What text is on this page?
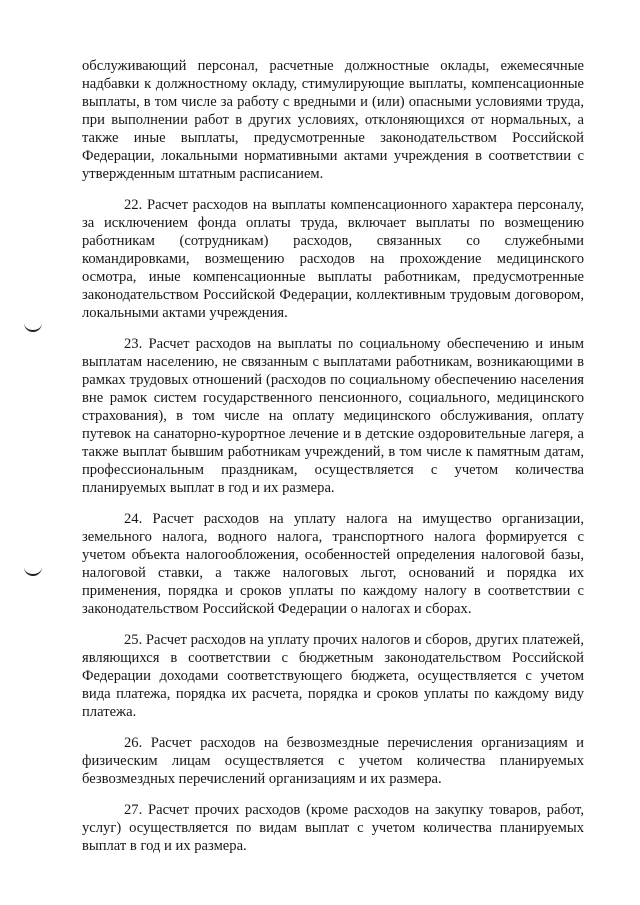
обслуживающий персонал, расчетные должностные оклады, ежемесячные надбавки к должностному окладу, стимулирующие выплаты, компенсационные выплаты, в том числе за работу с вредными и (или) опасными условиями труда, при выполнении работ в других условиях, отклоняющихся от нормальных, а также иные выплаты, предусмотренные законодательством Российской Федерации, локальными нормативными актами учреждения в соответствии с утвержденным штатным расписанием.

22. Расчет расходов на выплаты компенсационного характера персоналу, за исключением фонда оплаты труда, включает выплаты по возмещению работникам (сотрудникам) расходов, связанных со служебными командировками, возмещению расходов на прохождение медицинского осмотра, иные компенсационные выплаты работникам, предусмотренные законодательством Российской Федерации, коллективным трудовым договором, локальными актами учреждения.

23. Расчет расходов на выплаты по социальному обеспечению и иным выплатам населению, не связанным с выплатами работникам, возникающими в рамках трудовых отношений (расходов по социальному обеспечению населения вне рамок систем государственного пенсионного, социального, медицинского страхования), в том числе на оплату медицинского обслуживания, оплату путевок на санаторно-курортное лечение и в детские оздоровительные лагеря, а также выплат бывшим работникам учреждений, в том числе к памятным датам, профессиональным праздникам, осуществляется с учетом количества планируемых выплат в год и их размера.

24. Расчет расходов на уплату налога на имущество организации, земельного налога, водного налога, транспортного налога формируется с учетом объекта налогообложения, особенностей определения налоговой базы, налоговой ставки, а также налоговых льгот, оснований и порядка их применения, порядка и сроков уплаты по каждому налогу в соответствии с законодательством Российской Федерации о налогах и сборах.

25. Расчет расходов на уплату прочих налогов и сборов, других платежей, являющихся в соответствии с бюджетным законодательством Российской Федерации доходами соответствующего бюджета, осуществляется с учетом вида платежа, порядка их расчета, порядка и сроков уплаты по каждому виду платежа.

26. Расчет расходов на безвозмездные перечисления организациям и физическим лицам осуществляется с учетом количества планируемых безвозмездных перечислений организациям и их размера.

27. Расчет прочих расходов (кроме расходов на закупку товаров, работ, услуг) осуществляется по видам выплат с учетом количества планируемых выплат в год и их размера.
